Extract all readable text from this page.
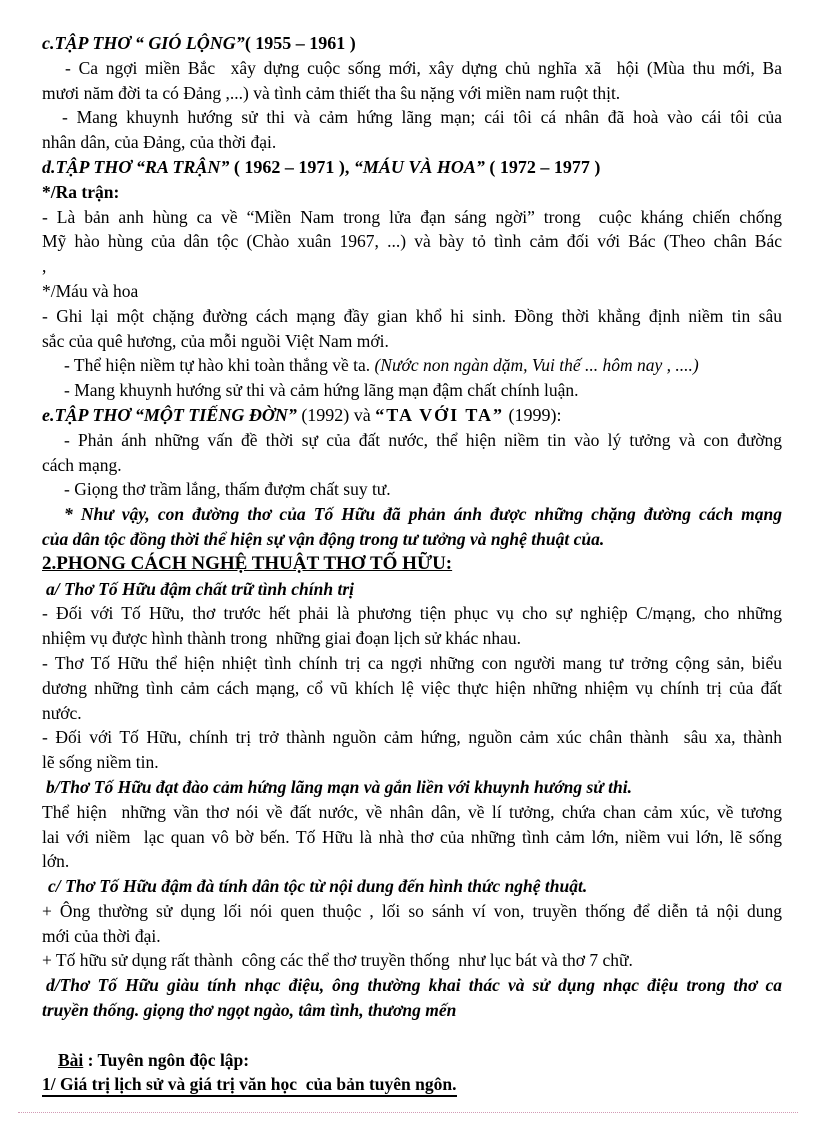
c.TẬP THƠ “ GIÓ LỘNG”( 1955 – 1961 )
- Ca ngợi miền Bắc  xây dựng cuộc sống mới, xây dựng chủ nghĩa xã  hội (Mùa thu mới, Ba
mươi năm đời ta có Đảng ,...) và tình cảm thiết tha ŝu nặng với miền nam ruột thịt.
- Mang khuynh hướng sử thi và cảm hứng lãng mạn; cái tôi cá nhân đã hoà vào cái tôi của
nhân dân, của Đảng, của thời đại.
d.TẬP THƠ “RA TRẬN” ( 1962 – 1971 ), “MÁU VÀ HOA” ( 1972 – 1977 )
*/Ra trận:
- Là bản anh hùng ca về “Miền Nam trong lửa đạn sáng ngời” trong  cuộc kháng chiến chống
Mỹ hào hùng của dân tộc (Chào xuân 1967, ...) và bày tỏ tình cảm đối với Bác (Theo chân Bác
,
*/Máu và hoa
- Ghi lại một chặng đường cách mạng đầy gian khổ hi sinh. Đồng thời khẳng định niềm tin sâu
sắc của quê hương, của mỗi nguồi Việt Nam mới.
- Thể hiện niềm tự hào khi toàn thắng về ta. (Nước non ngàn dặm, Vui thế ... hôm nay , ....)
- Mang khuynh hướng sử thi và cảm hứng lãng mạn đậm chất chính luận.
e.TẬP THƠ “MỘT TIẾNG ĐỜN” (1992) và “TA VỚI TA” (1999):
- Phản ánh những vấn đề thời sự của đất nước, thể hiện niềm tin vào lý tưởng và con đường
cách mạng.
- Giọng thơ trầm lắng, thấm đượm chất suy tư.
* Như vậy, con đường thơ của Tố Hữu đã phản ánh được những chặng đường cách mạng
của dân tộc đồng thời thể hiện sự vận động trong tư tưởng và nghệ thuật của.
2.PHONG CÁCH NGHỆ THUẬT THƠ TỐ HỮU:
a/ Thơ Tố Hữu đậm chất trữ tình chính trị
- Đối với Tố Hữu, thơ trước hết phải là phương tiện phục vụ cho sự nghiệp C/mạng, cho những
nhiệm vụ được hình thành trong  những giai đoạn lịch sử khác nhau.
- Thơ Tố Hữu thể hiện nhiệt tình chính trị ca ngợi những con người mang tư trởng cộng sản, biểu
dương những tình cảm cách mạng, cổ vũ khích lệ việc thực hiện những nhiệm vụ chính trị của đất
nước.
- Đối với Tố Hữu, chính trị trở thành nguồn cảm hứng, nguồn cảm xúc chân thành  sâu xa, thành
lẽ sống niềm tin.
b/Thơ Tố Hữu đạt đào cảm hứng lãng mạn và gắn liền với khuynh hướng sử thi.
Thể hiện  những vần thơ nói về đất nước, về nhân dân, về lí tưởng, chứa chan cảm xúc, về tương
lai với niềm  lạc quan vô bờ bến. Tố Hữu là nhà thơ của những tình cảm lớn, niềm vui lớn, lẽ sống
lớn.
c/ Thơ Tố Hữu đậm đà tính dân tộc từ nội dung đến hình thức nghệ thuật.
+ Ông thường sử dụng lối nói quen thuộc , lối so sánh ví von, truyền thống để diễn tả nội dung
mới của thời đại.
+ Tố hữu sử dụng rất thành  công các thể thơ truyền thống  như lục bát và thơ 7 chữ.
d/Thơ Tố Hữu giàu tính nhạc điệu, ông thường khai thác và sử dụng nhạc điệu trong thơ ca
truyền thống. giọng thơ ngọt ngào, tâm tình, thương mến

Bài : Tuyên ngôn độc lập:
1/ Giá trị lịch sử và giá trị văn học  của bản tuyên ngôn.
